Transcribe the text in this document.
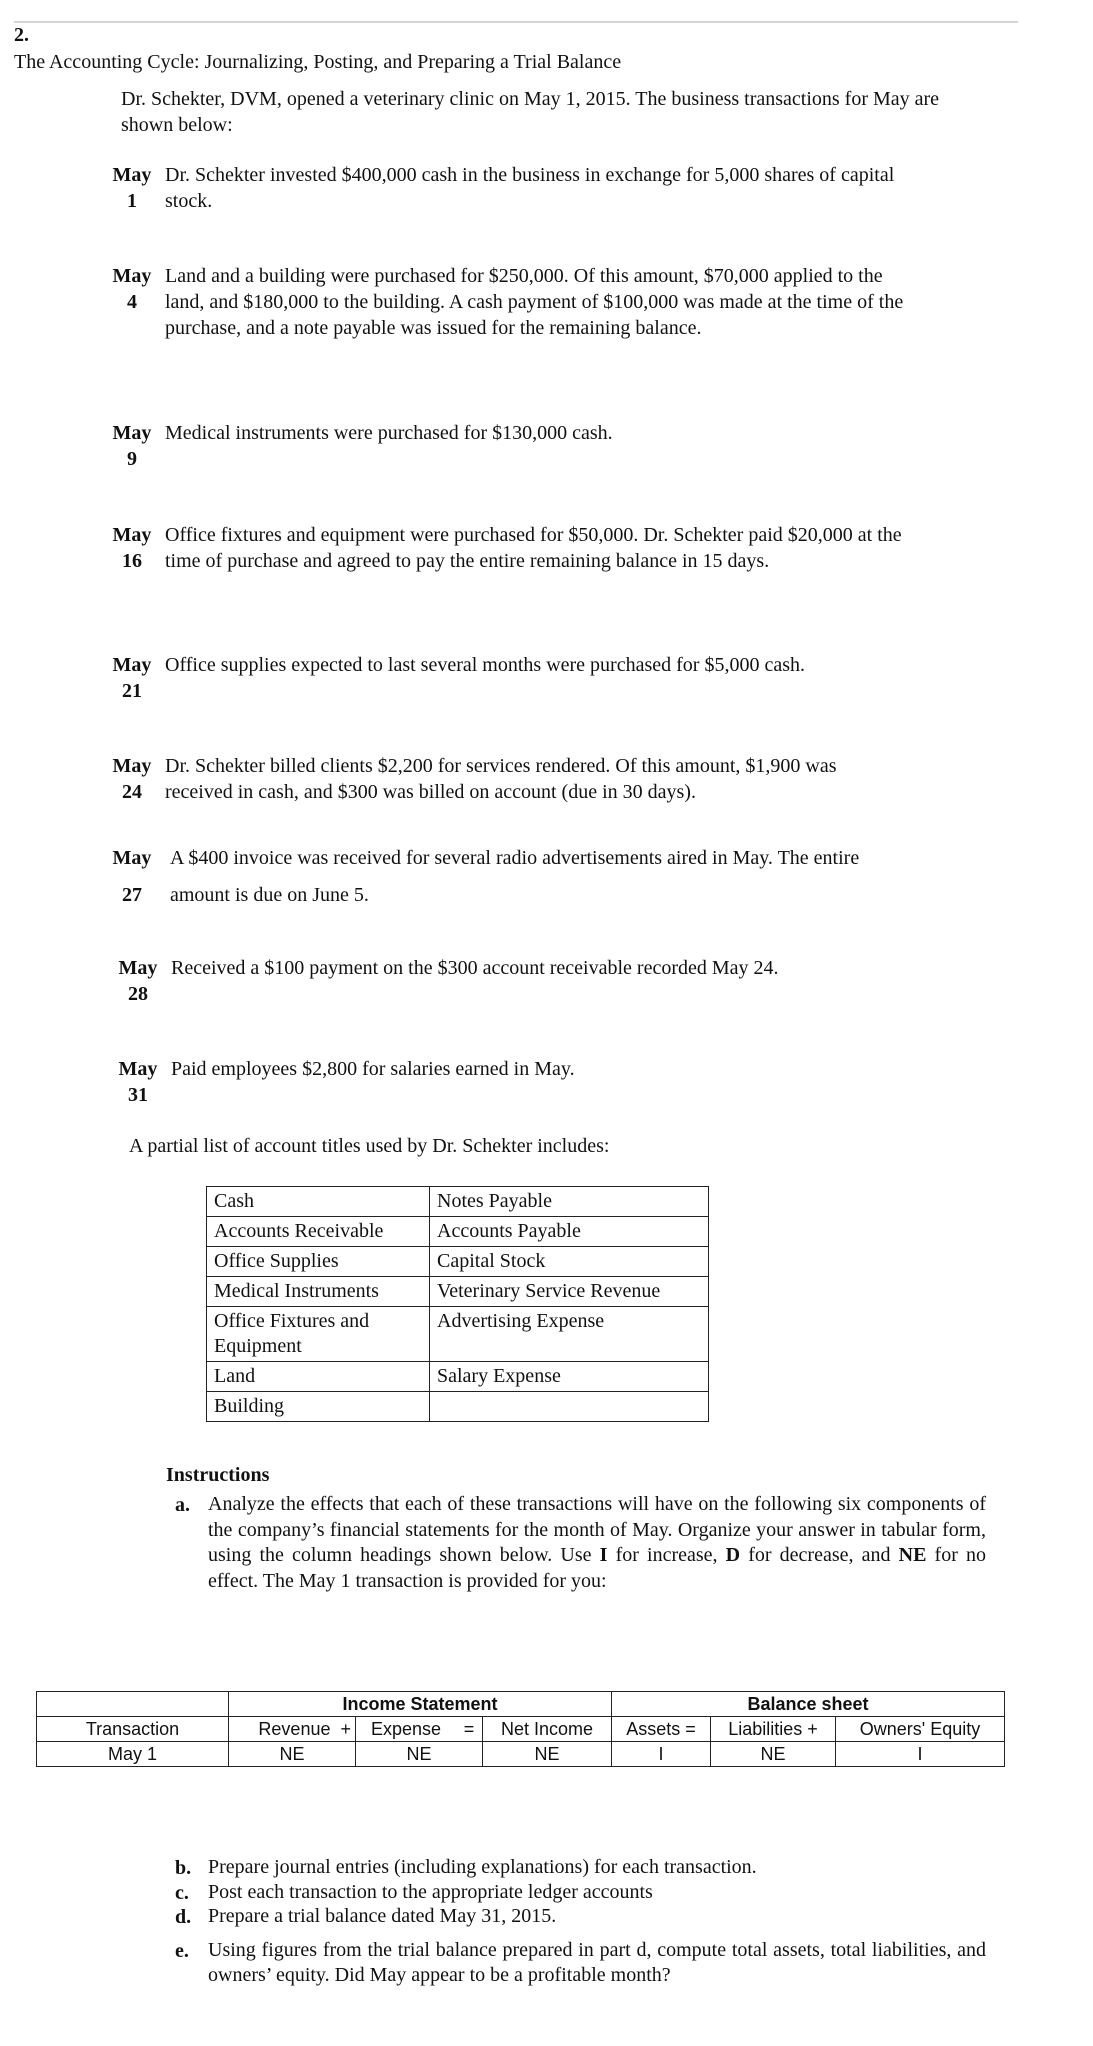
2.
The Accounting Cycle: Journalizing, Posting, and Preparing a Trial Balance
Dr. Schekter, DVM, opened a veterinary clinic on May 1, 2015. The business transactions for May are shown below:
May
1
Dr. Schekter invested $400,000 cash in the business in exchange for 5,000 shares of capital stock.
May
4
Land and a building were purchased for $250,000. Of this amount, $70,000 applied to the land, and $180,000 to the building. A cash payment of $100,000 was made at the time of the purchase, and a note payable was issued for the remaining balance.
May
9
Medical instruments were purchased for $130,000 cash.
May
16
Office fixtures and equipment were purchased for $50,000. Dr. Schekter paid $20,000 at the time of purchase and agreed to pay the entire remaining balance in 15 days.
May
21
Office supplies expected to last several months were purchased for $5,000 cash.
May
24
Dr. Schekter billed clients $2,200 for services rendered. Of this amount, $1,900 was received in cash, and $300 was billed on account (due in 30 days).
May
27
A $400 invoice was received for several radio advertisements aired in May. The entire amount is due on June 5.
May
28
Received a $100 payment on the $300 account receivable recorded May 24.
May
31
Paid employees $2,800 for salaries earned in May.
A partial list of account titles used by Dr. Schekter includes:
Cash	Notes Payable
Accounts Receivable	Accounts Payable
Office Supplies	Capital Stock
Medical Instruments	Veterinary Service Revenue
Office Fixtures and Equipment	Advertising Expense
Land	Salary Expense
Building	
Instructions
a. Analyze the effects that each of these transactions will have on the following six components of the company’s financial statements for the month of May. Organize your answer in tabular form, using the column headings shown below. Use I for increase, D for decrease, and NE for no effect. The May 1 transaction is provided for you:
	Income Statement				Balance sheet		
Transaction	Revenue  +	Expense	=	Net Income	Assets =	Liabilities +	Owners' Equity
May 1	NE	NE		NE	I	NE	I
b. Prepare journal entries (including explanations) for each transaction.
c. Post each transaction to the appropriate ledger accounts
d. Prepare a trial balance dated May 31, 2015.
e. Using figures from the trial balance prepared in part d, compute total assets, total liabilities, and owners’ equity. Did May appear to be a profitable month?
